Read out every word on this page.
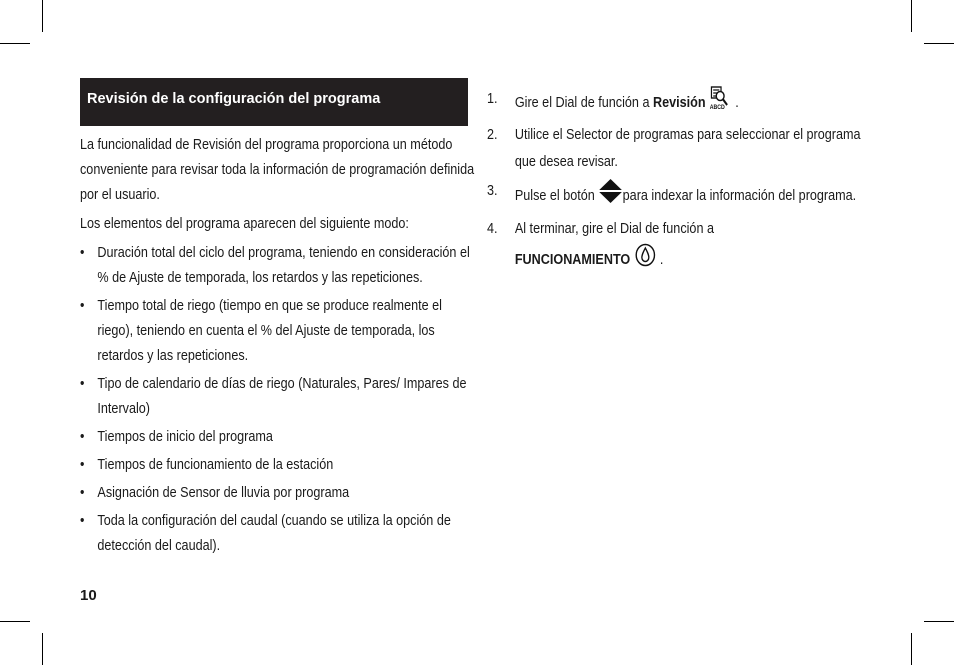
Revisión de la configuración del programa

La funcionalidad de Revisión del programa proporciona un método conveniente para revisar toda la información de programación definida por el usuario.

Los elementos del programa aparecen del siguiente modo:

• Duración total del ciclo del programa, teniendo en consideración el % de Ajuste de temporada, los retardos y las repeticiones.
• Tiempo total de riego (tiempo en que se produce realmente el riego), teniendo en cuenta el % del Ajuste de temporada, los retardos y las repeticiones.
• Tipo de calendario de días de riego (Naturales, Pares/ Impares de Intervalo)
• Tiempos de inicio del programa
• Tiempos de funcionamiento de la estación
• Asignación de Sensor de lluvia por programa
• Toda la configuración del caudal (cuando se utiliza la opción de detección del caudal).
1. Gire el Dial de función a Revisión ABCD .
2. Utilice el Selector de programas para seleccionar el programa que desea revisar.
3. Pulse el botón para indexar la información del programa.
4. Al terminar, gire el Dial de función a
FUNCIONAMIENTO  .
10
